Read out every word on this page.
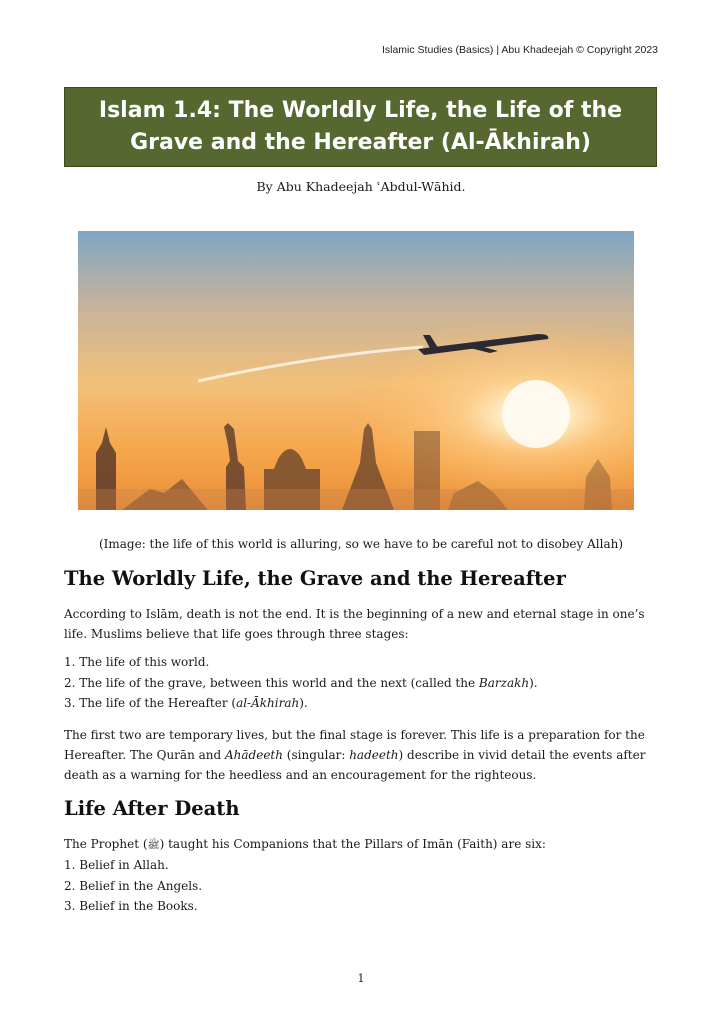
Islamic Studies (Basics) | Abu Khadeejah © Copyright 2023
Islam 1.4: The Worldly Life, the Life of the Grave and the Hereafter (Al-Ākhirah)
By Abu Khadeejah ʿAbdul-Wāhid.
(Image: the life of this world is alluring, so we have to be careful not to disobey Allah)
The Worldly Life, the Grave and the Hereafter

According to Islām, death is not the end. It is the beginning of a new and eternal stage in one’s life. Muslims believe that life goes through three stages:

1. The life of this world.
2. The life of the grave, between this world and the next (called the Barzakh).
3. The life of the Hereafter (al-Ākhirah).

The first two are temporary lives, but the final stage is forever. This life is a preparation for the Hereafter. The Qurān and Ahādeeth (singular: hadeeth) describe in vivid detail the events after death as a warning for the heedless and an encouragement for the righteous.

Life After Death

The Prophet (ﷺ) taught his Companions that the Pillars of Imān (Faith) are six:

1. Belief in Allah.
2. Belief in the Angels.
3. Belief in the Books.
1
